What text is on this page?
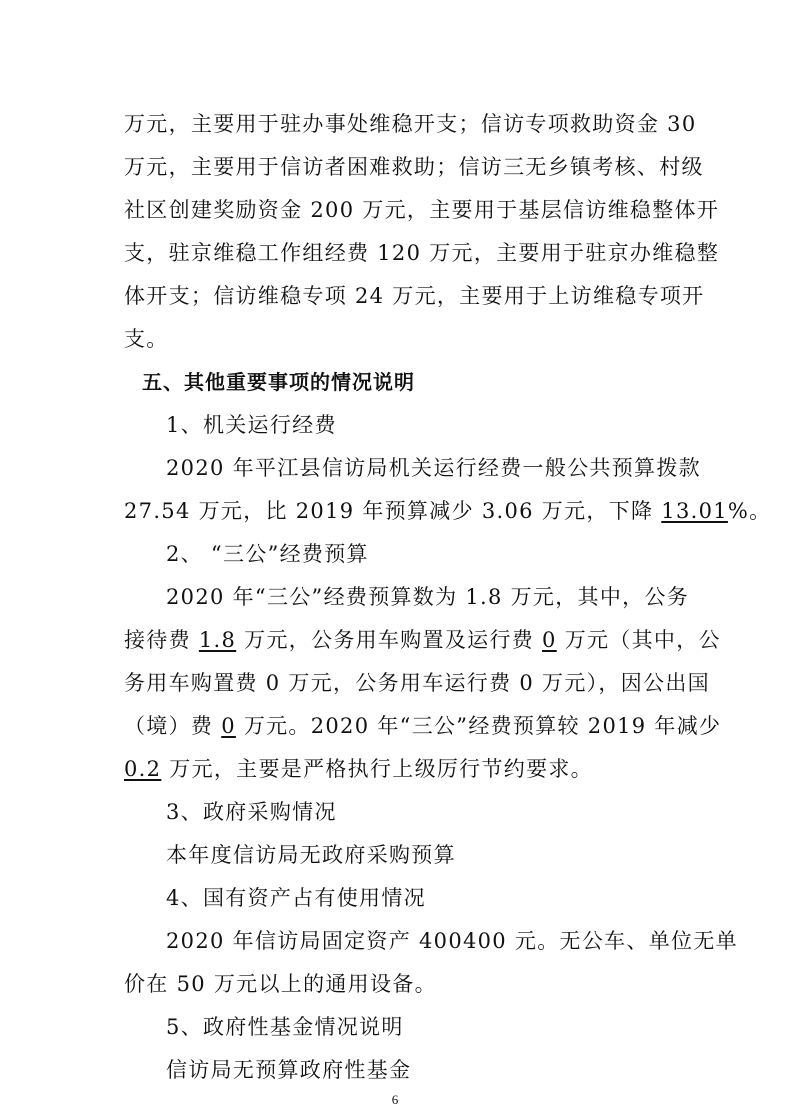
万元，主要用于驻办事处维稳开支；信访专项救助资金 30
万元，主要用于信访者困难救助；信访三无乡镇考核、村级
社区创建奖励资金 200 万元，主要用于基层信访维稳整体开
支，驻京维稳工作组经费 120 万元，主要用于驻京办维稳整
体开支；信访维稳专项 24 万元，主要用于上访维稳专项开
支。
五、其他重要事项的情况说明
1、机关运行经费
2020 年平江县信访局机关运行经费一般公共预算拨款
27.54 万元，比 2019 年预算减少 3.06 万元，下降 13.01%。
2、 “三公”经费预算
2020 年“三公”经费预算数为 1.8 万元，其中，公务
接待费 1.8 万元，公务用车购置及运行费 0 万元（其中，公
务用车购置费 0 万元，公务用车运行费 0 万元），因公出国
（境）费 0 万元。2020 年“三公”经费预算较 2019 年减少
0.2 万元，主要是严格执行上级厉行节约要求。
3、政府采购情况
本年度信访局无政府采购预算
4、国有资产占有使用情况
2020 年信访局固定资产 400400 元。无公车、单位无单
价在 50 万元以上的通用设备。
5、政府性基金情况说明
信访局无预算政府性基金
6
